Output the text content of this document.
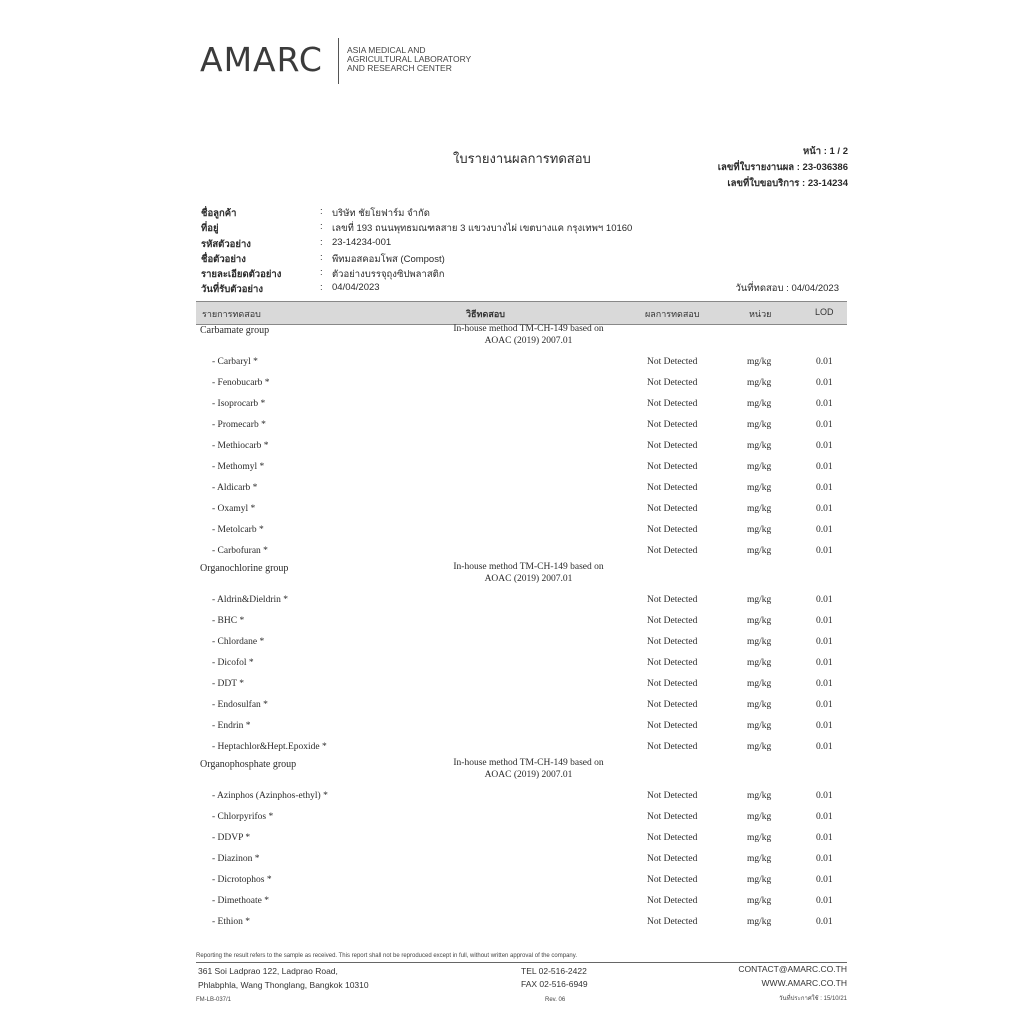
AMARC	ASIA MEDICAL AND
AGRICULTURAL LABORATORY
AND RESEARCH CENTER
ใบรายงานผลการทดสอบ
หน้า : 1 / 2
เลขที่ใบรายงานผล : 23-036386
เลขที่ใบขอบริการ : 23-14234
ชื่อลูกค้า	: บริษัท ชัยโยฟาร์ม จำกัด
ที่อยู่	: เลขที่ 193 ถนนพุทธมณฑลสาย 3 แขวงบางไผ่ เขตบางแค กรุงเทพฯ 10160
รหัสตัวอย่าง	: 23-14234-001
ชื่อตัวอย่าง	: พีทมอสคอมโพส (Compost)
รายละเอียดตัวอย่าง	: ตัวอย่างบรรจุถุงซิปพลาสติก
วันที่รับตัวอย่าง	: 04/04/2023	วันที่ทดสอบ : 04/04/2023
รายการทดสอบ	วิธีทดสอบ	ผลการทดสอบ	หน่วย	LOD
Carbamate group	In-house method TM-CH-149 based on
AOAC (2019) 2007.01
- Carbaryl *	Not Detected	mg/kg	0.01
- Fenobucarb *	Not Detected	mg/kg	0.01
- Isoprocarb *	Not Detected	mg/kg	0.01
- Promecarb *	Not Detected	mg/kg	0.01
- Methiocarb *	Not Detected	mg/kg	0.01
- Methomyl *	Not Detected	mg/kg	0.01
- Aldicarb *	Not Detected	mg/kg	0.01
- Oxamyl *	Not Detected	mg/kg	0.01
- Metolcarb *	Not Detected	mg/kg	0.01
- Carbofuran *	Not Detected	mg/kg	0.01
Organochlorine group	In-house method TM-CH-149 based on
AOAC (2019) 2007.01
- Aldrin&Dieldrin *	Not Detected	mg/kg	0.01
- BHC *	Not Detected	mg/kg	0.01
- Chlordane *	Not Detected	mg/kg	0.01
- Dicofol *	Not Detected	mg/kg	0.01
- DDT *	Not Detected	mg/kg	0.01
- Endosulfan *	Not Detected	mg/kg	0.01
- Endrin *	Not Detected	mg/kg	0.01
- Heptachlor&Hept.Epoxide *	Not Detected	mg/kg	0.01
Organophosphate group	In-house method TM-CH-149 based on
AOAC (2019) 2007.01
- Azinphos (Azinphos-ethyl) *	Not Detected	mg/kg	0.01
- Chlorpyrifos *	Not Detected	mg/kg	0.01
- DDVP *	Not Detected	mg/kg	0.01
- Diazinon *	Not Detected	mg/kg	0.01
- Dicrotophos *	Not Detected	mg/kg	0.01
- Dimethoate *	Not Detected	mg/kg	0.01
- Ethion *	Not Detected	mg/kg	0.01
Reporting the result refers to the sample as received. This report shall not be reproduced except in full, without written approval of the company.
361 Soi Ladprao 122, Ladprao Road,
Phlabphla, Wang Thonglang, Bangkok 10310
TEL 02-516-2422
FAX 02-516-6949
CONTACT@AMARC.CO.TH
WWW.AMARC.CO.TH
FM-LB-037/1	Rev. 06	วันที่ประกาศใช้ : 15/10/21
